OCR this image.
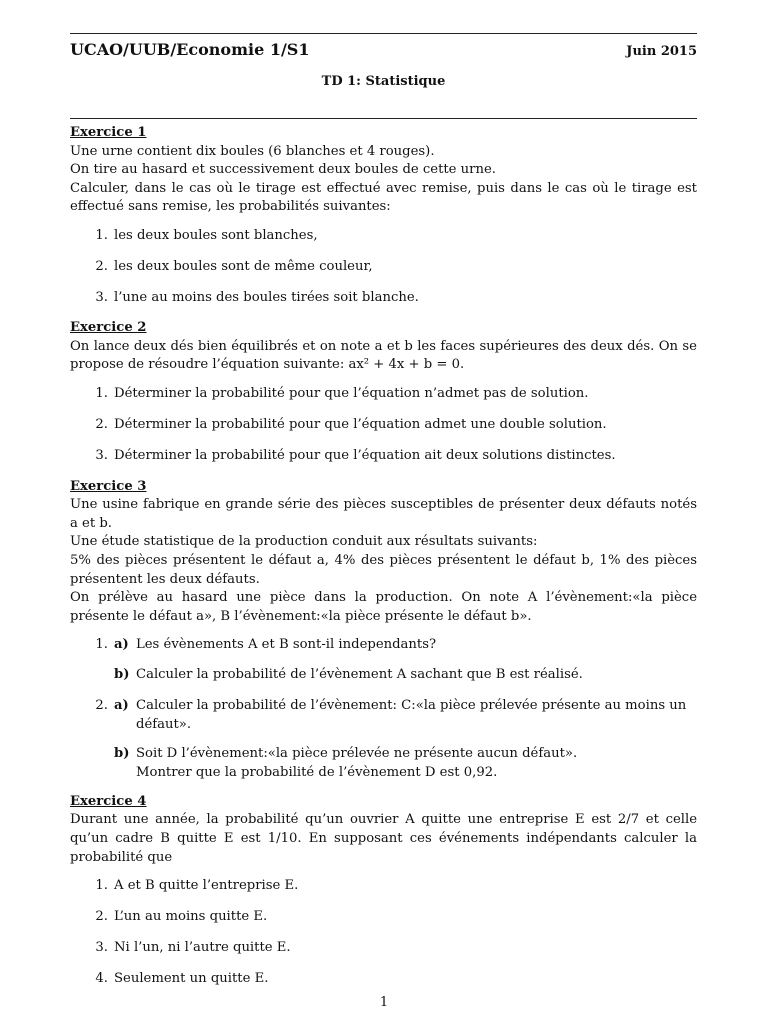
UCAO/UUB/Economie 1/S1	Juin 2015
TD 1: Statistique

Exercice 1

Une urne contient dix boules (6 blanches et 4 rouges).

On tire au hasard et successivement deux boules de cette urne.

Calculer, dans le cas où le tirage est effectué avec remise, puis dans le cas où le tirage est effectué sans remise, les probabilités suivantes:

1. les deux boules sont blanches,
2. les deux boules sont de même couleur,
3. l’une au moins des boules tirées soit blanche.

Exercice 2

On lance deux dés bien équilibrés et on note a et b les faces supérieures des deux dés. On se propose de résoudre l’équation suivante: ax² + 4x + b = 0.

1. Déterminer la probabilité pour que l’équation n’admet pas de solution.
2. Déterminer la probabilité pour que l’équation admet une double solution.
3. Déterminer la probabilité pour que l’équation ait deux solutions distinctes.

Exercice 3

Une usine fabrique en grande série des pièces susceptibles de présenter deux défauts notés a et b.

Une étude statistique de la production conduit aux résultats suivants:

5% des pièces présentent le défaut a, 4% des pièces présentent le défaut b, 1% des pièces présentent les deux défauts.

On prélève au hasard une pièce dans la production. On note A l’évènement:«la pièce présente le défaut a», B l’évènement:«la pièce présente le défaut b».

1. a) Les évènements A et B sont-il independants?
b) Calculer la probabilité de l’évènement A sachant que B est réalisé.
2. a) Calculer la probabilité de l’évènement: C:«la pièce prélevée présente au moins un défaut».
b) Soit D l’évènement:«la pièce prélevée ne présente aucun défaut».
Montrer que la probabilité de l’évènement D est 0,92.

Exercice 4

Durant une année, la probabilité qu’un ouvrier A quitte une entreprise E est 2/7 et celle qu’un cadre B quitte E est 1/10. En supposant ces événements indépendants calculer la probabilité que

1. A et B quitte l’entreprise E.
2. L’un au moins quitte E.
3. Ni l’un, ni l’autre quitte E.
4. Seulement un quitte E.
1
